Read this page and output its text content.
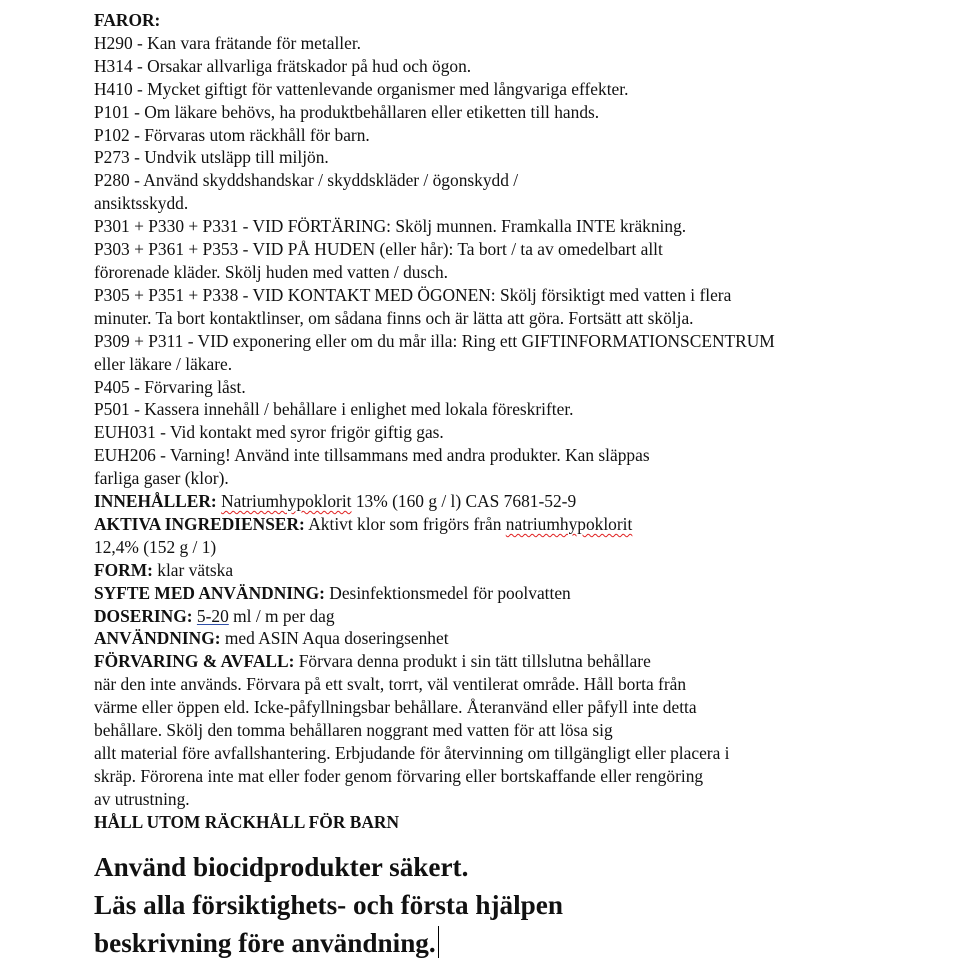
FAROR:
H290 - Kan vara frätande för metaller.
H314 - Orsakar allvarliga frätskador på hud och ögon.
H410 - Mycket giftigt för vattenlevande organismer med långvariga effekter.
P101 - Om läkare behövs, ha produktbehållaren eller etiketten till hands.
P102 - Förvaras utom räckhåll för barn.
P273 - Undvik utsläpp till miljön.
P280 - Använd skyddshandskar / skyddskläder / ögonskydd /
ansiktsskydd.
P301 + P330 + P331 - VID FÖRTÄRING: Skölj munnen. Framkalla INTE kräkning.
P303 + P361 + P353 - VID PÅ HUDEN (eller hår): Ta bort / ta av omedelbart allt
förorenade kläder. Skölj huden med vatten / dusch.
P305 + P351 + P338 - VID KONTAKT MED ÖGONEN: Skölj försiktigt med vatten i flera
minuter. Ta bort kontaktlinser, om sådana finns och är lätta att göra. Fortsätt att skölja.
P309 + P311 - VID exponering eller om du mår illa: Ring ett GIFTINFORMATIONSCENTRUM
eller läkare / läkare.
P405 - Förvaring låst.
P501 - Kassera innehåll / behållare i enlighet med lokala föreskrifter.
EUH031 - Vid kontakt med syror frigör giftig gas.
EUH206 - Varning! Använd inte tillsammans med andra produkter. Kan släppas
farliga gaser (klor).
INNEHÅLLER: Natriumhypoklorit 13% (160 g / l) CAS 7681-52-9
AKTIVA INGREDIENSER: Aktivt klor som frigörs från natriumhypoklorit
12,4% (152 g / 1)
FORM: klar vätska
SYFTE MED ANVÄNDNING: Desinfektionsmedel för poolvatten
DOSERING: 5-20 ml / m per dag
ANVÄNDNING: med ASIN Aqua doseringsenhet
FÖRVARING & AVFALL: Förvara denna produkt i sin tätt tillslutna behållare
när den inte används. Förvara på ett svalt, torrt, väl ventilerat område. Håll borta från
värme eller öppen eld. Icke-påfyllningsbar behållare. Återanvänd eller påfyll inte detta
behållare. Skölj den tomma behållaren noggrant med vatten för att lösa sig
allt material före avfallshantering. Erbjudande för återvinning om tillgängligt eller placera i
skräp. Förorena inte mat eller foder genom förvaring eller bortskaffande eller rengöring
av utrustning.
HÅLL UTOM RÄCKHÅLL FÖR BARN
Använd biocidprodukter säkert.
Läs alla försiktighets- och första hjälpen
beskrivning före användning.
